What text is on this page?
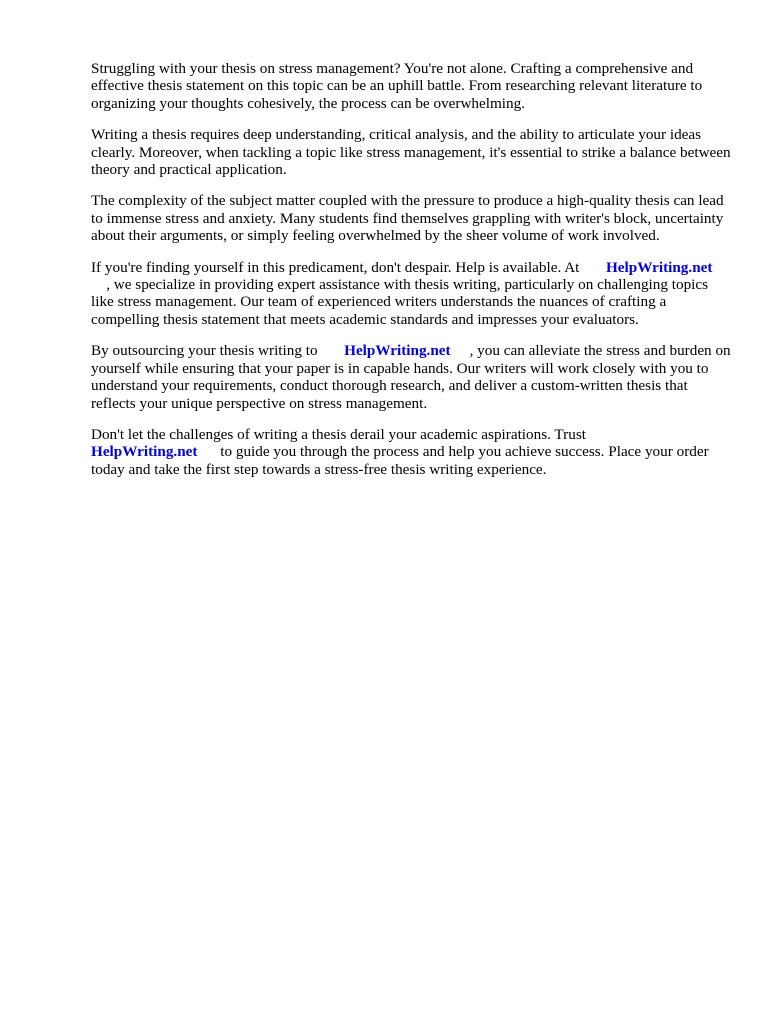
Struggling with your thesis on stress management? You're not alone. Crafting a comprehensive and effective thesis statement on this topic can be an uphill battle. From researching relevant literature to organizing your thoughts cohesively, the process can be overwhelming.

Writing a thesis requires deep understanding, critical analysis, and the ability to articulate your ideas clearly. Moreover, when tackling a topic like stress management, it's essential to strike a balance between theory and practical application.

The complexity of the subject matter coupled with the pressure to produce a high-quality thesis can lead to immense stress and anxiety. Many students find themselves grappling with writer's block, uncertainty about their arguments, or simply feeling overwhelmed by the sheer volume of work involved.

If you're finding yourself in this predicament, don't despair. Help is available. At HelpWriting.net
, we specialize in providing expert assistance with thesis writing, particularly on challenging topics like stress management. Our team of experienced writers understands the nuances of crafting a compelling thesis statement that meets academic standards and impresses your evaluators.

By outsourcing your thesis writing to HelpWriting.net , you can alleviate the stress and burden on yourself while ensuring that your paper is in capable hands. Our writers will work closely with you to understand your requirements, conduct thorough research, and deliver a custom-written thesis that reflects your unique perspective on stress management.

Don't let the challenges of writing a thesis derail your academic aspirations. Trust
HelpWriting.net to guide you through the process and help you achieve success. Place your order today and take the first step towards a stress-free thesis writing experience.
